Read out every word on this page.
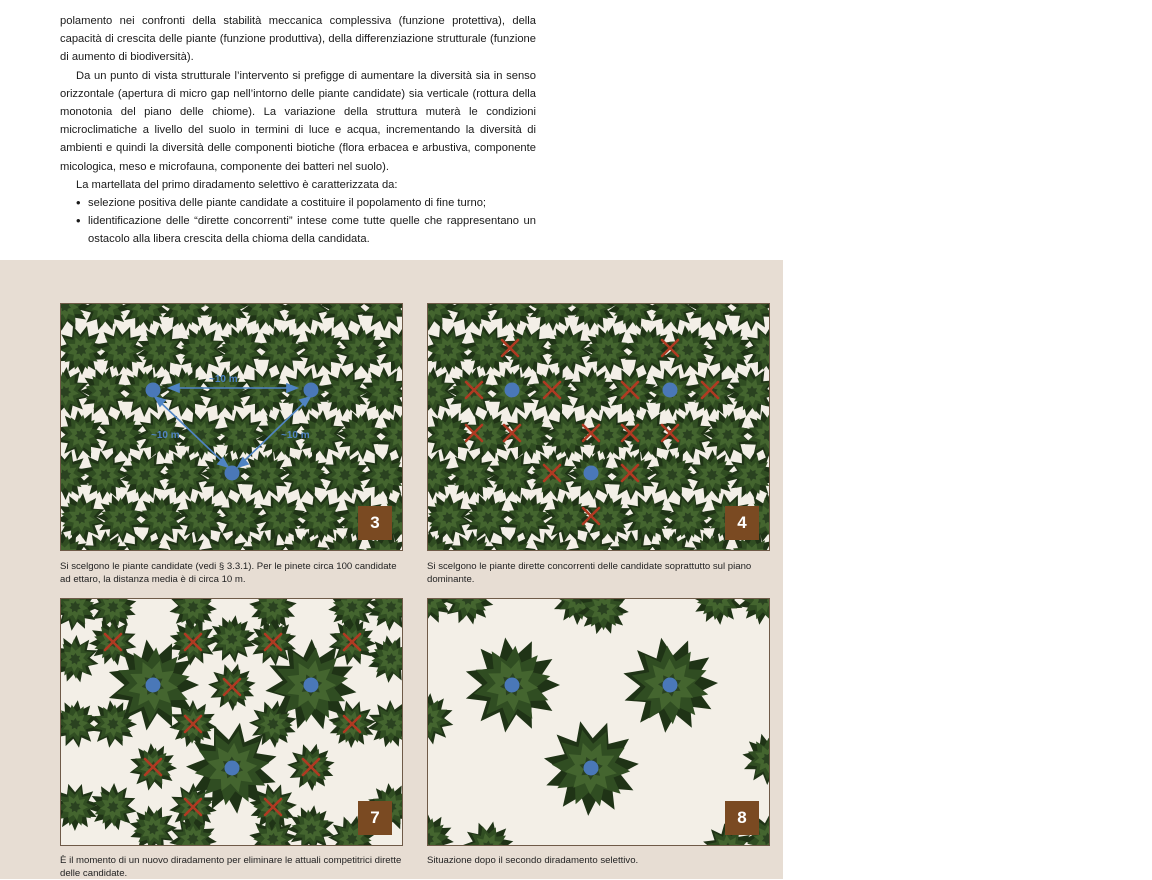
polamento nei confronti della stabilità meccanica complessiva (funzione protettiva), della capacità di crescita delle piante (funzione produttiva), della differenziazione strutturale (funzione di aumento di biodiversità).

Da un punto di vista strutturale l’intervento si prefigge di aumentare la diversità sia in senso orizzontale (apertura di micro gap nell’intorno delle piante candidate) sia verticale (rottura della monotonia del piano delle chiome). La variazione della struttura muterà le condizioni microclimatiche a livello del suolo in termini di luce e acqua, incrementando la diversità di ambienti e quindi la diversità delle componenti biotiche (flora erbacea e arbustiva, componente micologica, meso e microfauna, componente dei batteri nel suolo).

La martellata del primo diradamento selettivo è caratterizzata da:

• selezione positiva delle piante candidate a costituire il popolamento di fine turno;
• lidentificazione delle “dirette concorrenti” intese come tutte quelle che rappresentano un ostacolo alla libera crescita della chioma della candidata.
~10 m
~10 m	~10 m
3
Si scelgono le piante candidate (vedi § 3.3.1). Per le pinete circa 100 candidate ad ettaro, la distanza media è di circa 10 m.
4
Si scelgono le piante dirette concorrenti delle candidate soprattutto sul piano dominante.
7
È il momento di un nuovo diradamento per eliminare le attuali competitrici dirette delle candidate.
8
Situazione dopo il secondo diradamento selettivo.
